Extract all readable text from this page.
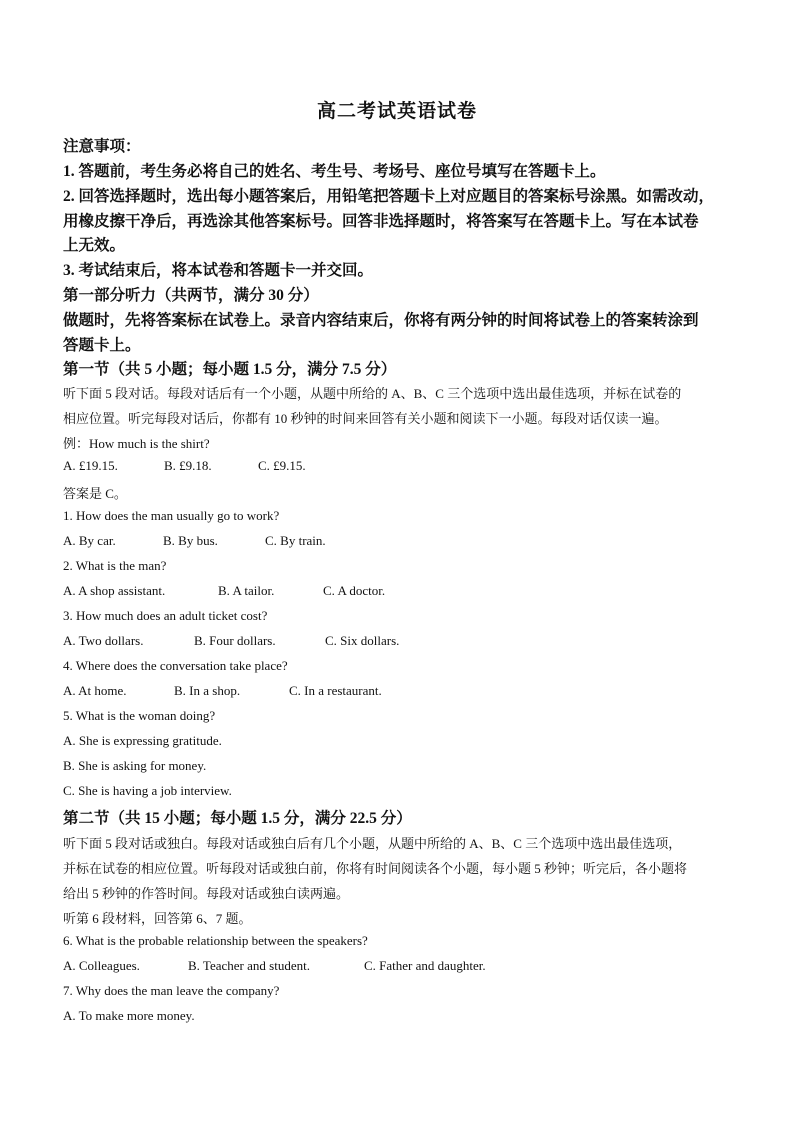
高二考试英语试卷
注意事项：
1. 答题前，考生务必将自己的姓名、考生号、考场号、座位号填写在答题卡上。
2. 回答选择题时，选出每小题答案后，用铅笔把答题卡上对应题目的答案标号涂黑。如需改动，
用橡皮擦干净后，再选涂其他答案标号。回答非选择题时，将答案写在答题卡上。写在本试卷
上无效。
3. 考试结束后，将本试卷和答题卡一并交回。
第一部分听力（共两节，满分 30 分）
做题时，先将答案标在试卷上。录音内容结束后，你将有两分钟的时间将试卷上的答案转涂到
答题卡上。
第一节（共 5 小题；每小题 1.5 分，满分 7.5 分）
听下面 5 段对话。每段对话后有一个小题，从题中所给的 A、B、C 三个选项中选出最佳选项，并标在试卷的
相应位置。听完每段对话后，你都有 10 秒钟的时间来回答有关小题和阅读下一小题。每段对话仅读一遍。
例：How much is the shirt?
A. £19.15.	B. £9.18.	C. £9.15.
答案是 C。
1. How does the man usually go to work?
A. By car.	B. By bus.	C. By train.
2. What is the man?
A. A shop assistant.	B. A tailor.	C. A doctor.
3. How much does an adult ticket cost?
A. Two dollars.	B. Four dollars.	C. Six dollars.
4. Where does the conversation take place?
A. At home.	B. In a shop.	C. In a restaurant.
5. What is the woman doing?
A. She is expressing gratitude.
B. She is asking for money.
C. She is having a job interview.
第二节（共 15 小题；每小题 1.5 分，满分 22.5 分）
听下面 5 段对话或独白。每段对话或独白后有几个小题，从题中所给的 A、B、C 三个选项中选出最佳选项，
并标在试卷的相应位置。听每段对话或独白前，你将有时间阅读各个小题，每小题 5 秒钟；听完后，各小题将
给出 5 秒钟的作答时间。每段对话或独白读两遍。
听第 6 段材料，回答第 6、7 题。
6. What is the probable relationship between the speakers?
A. Colleagues.	B. Teacher and student.	C. Father and daughter.
7. Why does the man leave the company?
A. To make more money.
